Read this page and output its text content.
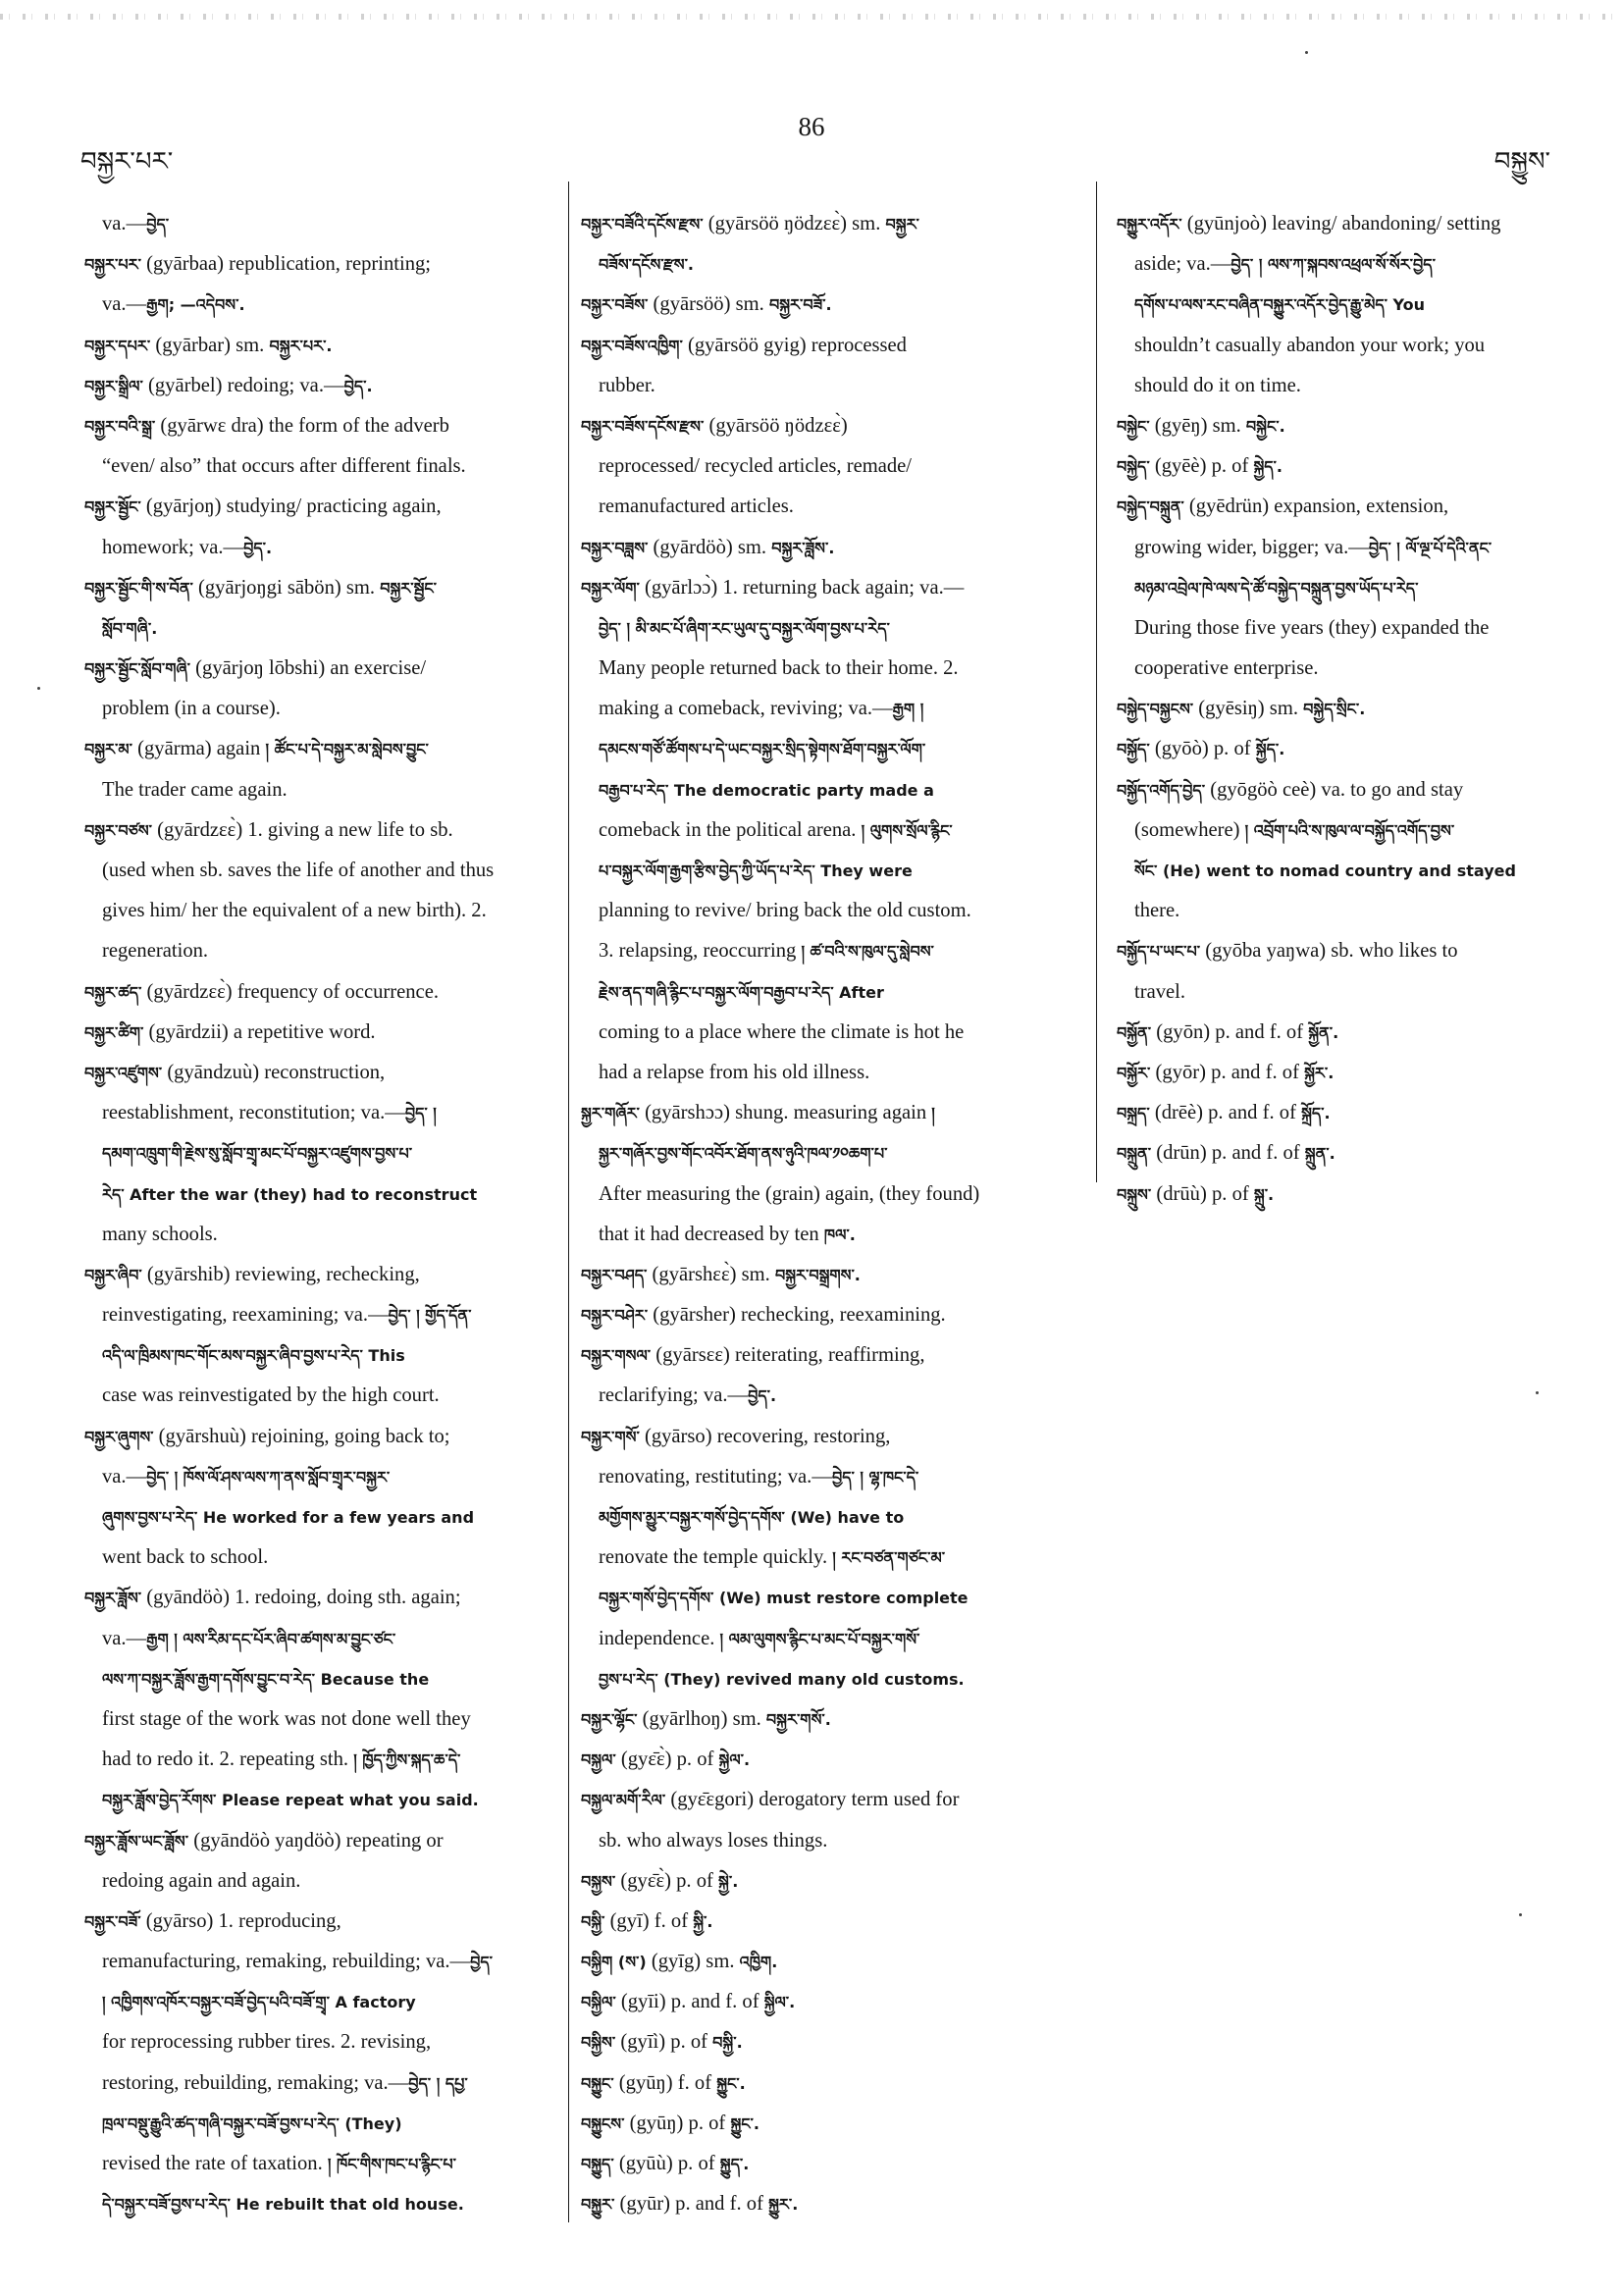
བསྐྱར་པར་
86
བསྐྱུས་
va.—བྱེད་
བསྐྱར་པར་ (gyārbaa) republication, reprinting;
va.—རྒྱག; —འདེབས་.
བསྐྱར་དཔར་ (gyārbar) sm. བསྐྱར་པར་.
བསྐྱར་སྒྲིལ་ (gyārbel) redoing; va.—བྱེད་.
བསྐྱར་བའི་སྒྲ་ (gyārwɛ dra) the form of the adverb
“even/ also” that occurs after different finals.
བསྐྱར་སྦྱོང་ (gyārjoŋ) studying/ practicing again,
homework; va.—བྱེད་.
བསྐྱར་སྦྱོང་གི་ས་བོན་ (gyārjoŋgi sābön) sm. བསྐྱར་སྦྱོང་
སློབ་གཞི་.
བསྐྱར་སྦྱོང་སློབ་གཞི་ (gyārjoŋ lōbshi) an exercise/
problem (in a course).
བསྐྱར་མ་ (gyārma) again ། ཚོང་པ་དེ་བསྐྱར་མ་སླེབས་བྱུང་
The trader came again.
བསྐྱར་བཙས་ (gyārdzɛɛ̀) 1. giving a new life to sb.
(used when sb. saves the life of another and thus
gives him/ her the equivalent of a new birth). 2.
regeneration.
བསྐྱར་ཚད་ (gyārdzɛɛ̀) frequency of occurrence.
བསྐྱར་ཚིག་ (gyārdzii) a repetitive word.
བསྐྱར་འཛུགས་ (gyāndzuù) reconstruction,
reestablishment, reconstitution; va.—བྱེད་ །
དམག་འཁྲུག་གི་རྗེས་སུ་སློབ་གྲྭ་མང་པོ་བསྐྱར་འཛུགས་བྱས་པ་
རེད་ After the war (they) had to reconstruct
many schools.
བསྐྱར་ཞིབ་ (gyārshib) reviewing, rechecking,
reinvestigating, reexamining; va.—བྱེད་ ། གྱོད་དོན་
འདི་ལ་ཁྲིམས་ཁང་གོང་མས་བསྐྱར་ཞིབ་བྱས་པ་རེད་ This
case was reinvestigated by the high court.
བསྐྱར་ཞུགས་ (gyārshuù) rejoining, going back to;
va.—བྱེད་ ། ཁོས་ལོ་ཤས་ལས་ཀ་ནས་སློབ་གྲྭར་བསྐྱར་
ཞུགས་བྱས་པ་རེད་ He worked for a few years and
went back to school.
བསྐྱར་ཟློས་ (gyāndöò) 1. redoing, doing sth. again;
va.—རྒྱག ། ལས་རིམ་དང་པོར་ཞིབ་ཚགས་མ་བྱུང་ཙང་
ལས་ཀ་བསྐྱར་ཟློས་རྒྱག་དགོས་བྱུང་བ་རེད་ Because the
first stage of the work was not done well they
had to redo it. 2. repeating sth. ། ཁྱོད་ཀྱིས་སྐད་ཆ་དེ་
བསྐྱར་ཟློས་བྱེད་རོགས་ Please repeat what you said.
བསྐྱར་ཟློས་ཡང་ཟློས་ (gyāndöò yaŋdöò) repeating or
redoing again and again.
བསྐྱར་བཟོ་ (gyārso) 1. reproducing,
remanufacturing, remaking, rebuilding; va.—བྱེད་
། འཁྱིགས་འཁོར་བསྐྱར་བཟོ་བྱེད་པའི་བཟོ་གྲྭ་ A factory
for reprocessing rubber tires. 2. revising,
restoring, rebuilding, remaking; va.—བྱེད་ ། དཔྱ་
ཁྲལ་བསྡུ་རྒྱུའི་ཚད་གཞི་བསྐྱར་བཟོ་བྱས་པ་རེད་ (They)
revised the rate of taxation. ། ཁོང་གིས་ཁང་པ་རྙིང་པ་
དེ་བསྐྱར་བཟོ་བྱས་པ་རེད་ He rebuilt that old house.
བསྐྱར་བཟོའི་དངོས་རྫས་ (gyārsöö ŋödzɛɛ̀) sm. བསྐྱར་
བཟོས་དངོས་རྫས་.
བསྐྱར་བཟོས་ (gyārsöö) sm. བསྐྱར་བཟོ་.
བསྐྱར་བཟོས་འཁྱིག་ (gyārsöö gyig) reprocessed
rubber.
བསྐྱར་བཟོས་དངོས་རྫས་ (gyārsöö ŋödzɛɛ̀)
reprocessed/ recycled articles, remade/
remanufactured articles.
བསྐྱར་བཟླས་ (gyārdöò) sm. བསྐྱར་ཟློས་.
བསྐྱར་ལོག་ (gyārlɔɔ̀) 1. returning back again; va.—
བྱེད་ ། མི་མང་པོ་ཞིག་རང་ཡུལ་དུ་བསྐྱར་ལོག་བྱས་པ་རེད་
Many people returned back to their home. 2.
making a comeback, reviving; va.—རྒྱག །
དམངས་གཙོ་ཚོགས་པ་དེ་ཡང་བསྐྱར་སྲིད་སྟེགས་ཐོག་བསྐྱར་ལོག་
བརྒྱབ་པ་རེད་ The democratic party made a
comeback in the political arena. ། ལུགས་སྲོལ་རྙིང་
པ་བསྐྱར་ལོག་རྒྱག་རྩིས་བྱེད་ཀྱི་ཡོད་པ་རེད་ They were
planning to revive/ bring back the old custom.
3. relapsing, reoccurring ། ཚ་བའི་ས་ཁུལ་དུ་སླེབས་
རྗེས་ནད་གཞི་རྙིང་པ་བསྐྱར་ལོག་བརྒྱབ་པ་རེད་ After
coming to a place where the climate is hot he
had a relapse from his old illness.
སྐྱར་གཞོར་ (gyārshɔɔ) shung. measuring again །
སྐྱར་གཞོར་བྱས་གོང་འབོར་ཐོག་ནས་ཉུའི་ཁལ་༡༠ཆག་པ་
After measuring the (grain) again, (they found)
that it had decreased by ten ཁལ་.
བསྐྱར་བཤད་ (gyārshɛɛ̀) sm. བསྐྱར་བསྒྲགས་.
བསྐྱར་བཤེར་ (gyārsher) rechecking, reexamining.
བསྐྱར་གསལ་ (gyārsɛɛ) reiterating, reaffirming,
reclarifying; va.—བྱེད་.
བསྐྱར་གསོ་ (gyārso) recovering, restoring,
renovating, restituting; va.—བྱེད་ ། ལྷ་ཁང་དེ་
མགྱོགས་མྱུར་བསྐྱར་གསོ་བྱེད་དགོས་ (We) have to
renovate the temple quickly. ། རང་བཙན་གཙང་མ་
བསྐྱར་གསོ་བྱེད་དགོས་ (We) must restore complete
independence. ། ལམ་ལུགས་རྙིང་པ་མང་པོ་བསྐྱར་གསོ་
བྱས་པ་རེད་ (They) revived many old customs.
བསྐྱར་ལྷོང་ (gyārlhoŋ) sm. བསྐྱར་གསོ་.
བསྐྱལ་ (gyɛ̄ɛ̀) p. of སྐྱེལ་.
བསྐྱལ་མགོ་རིལ་ (gyɛ̄ɛgori) derogatory term used for
sb. who always loses things.
བསྐྱས་ (gyɛ̄ɛ̀) p. of སྐྱེ་.
བསྐྱི་ (gyī) f. of སྐྱི་.
བསྐྱིག (ས་) (gyīg) sm. འཁྱིག.
བསྐྱིལ་ (gyīi) p. and f. of སྐྱིལ་.
བསྐྱིས་ (gyīì) p. of བསྐྱི་.
བསྐྱུང་ (gyūŋ) f. of སྐྱུང་.
བསྐྱུངས་ (gyūŋ) p. of སྐྱུང་.
བསྐྱུད་ (gyūù) p. of སྐྱུད་.
བསྐྱུར་ (gyūr) p. and f. of སྐྱུར་.
བསྐྱུར་འདོར་ (gyūnjoò) leaving/ abandoning/ setting
aside; va.—བྱེད་ ། ལས་ཀ་སྐབས་འཕྲལ་སོ་སོར་བྱེད་
དགོས་པ་ལས་རང་བཞིན་བསྐྱུར་འདོར་བྱེད་རྒྱུ་མེད་ You
shouldn’t casually abandon your work; you
should do it on time.
བསྐྱེང་ (gyēŋ) sm. བསྐྱེང་.
བསྐྱེད་ (gyēè) p. of སྐྱེད་.
བསྐྱེད་བསྐྲུན་ (gyēdrün) expansion, extension,
growing wider, bigger; va.—བྱེད་ ། ལོ་ལྔ་པོ་དེའི་ནང་
མཉམ་འབྲེལ་ཁེ་ལས་དེ་ཚོ་བསྐྱེད་བསྐྲུན་བྱས་ཡོད་པ་རེད་
During those five years (they) expanded the
cooperative enterprise.
བསྐྱེད་བསྐྱངས་ (gyēsiŋ) sm. བསྐྱེད་སྲིང་.
བསྐྱོད་ (gyōò) p. of སྐྱོད་.
བསྐྱོད་འགོད་བྱེད་ (gyōgöò ceè) va. to go and stay
(somewhere) ། འབྲོག་པའི་ས་ཁུལ་ལ་བསྐྱོད་འགོད་བྱས་
སོང་ (He) went to nomad country and stayed
there.
བསྐྱོད་པ་ཡང་པ་ (gyōba yaŋwa) sb. who likes to
travel.
བསྐྱོན་ (gyōn) p. and f. of སྐྱོན་.
བསྐྱོར་ (gyōr) p. and f. of སྐྱོར་.
བསྐྲད་ (drēè) p. and f. of སྐྲོད་.
བསྐྲུན་ (drūn) p. and f. of སྐྲུན་.
བསྐྲུས་ (drūù) p. of སྐྲུ་.
